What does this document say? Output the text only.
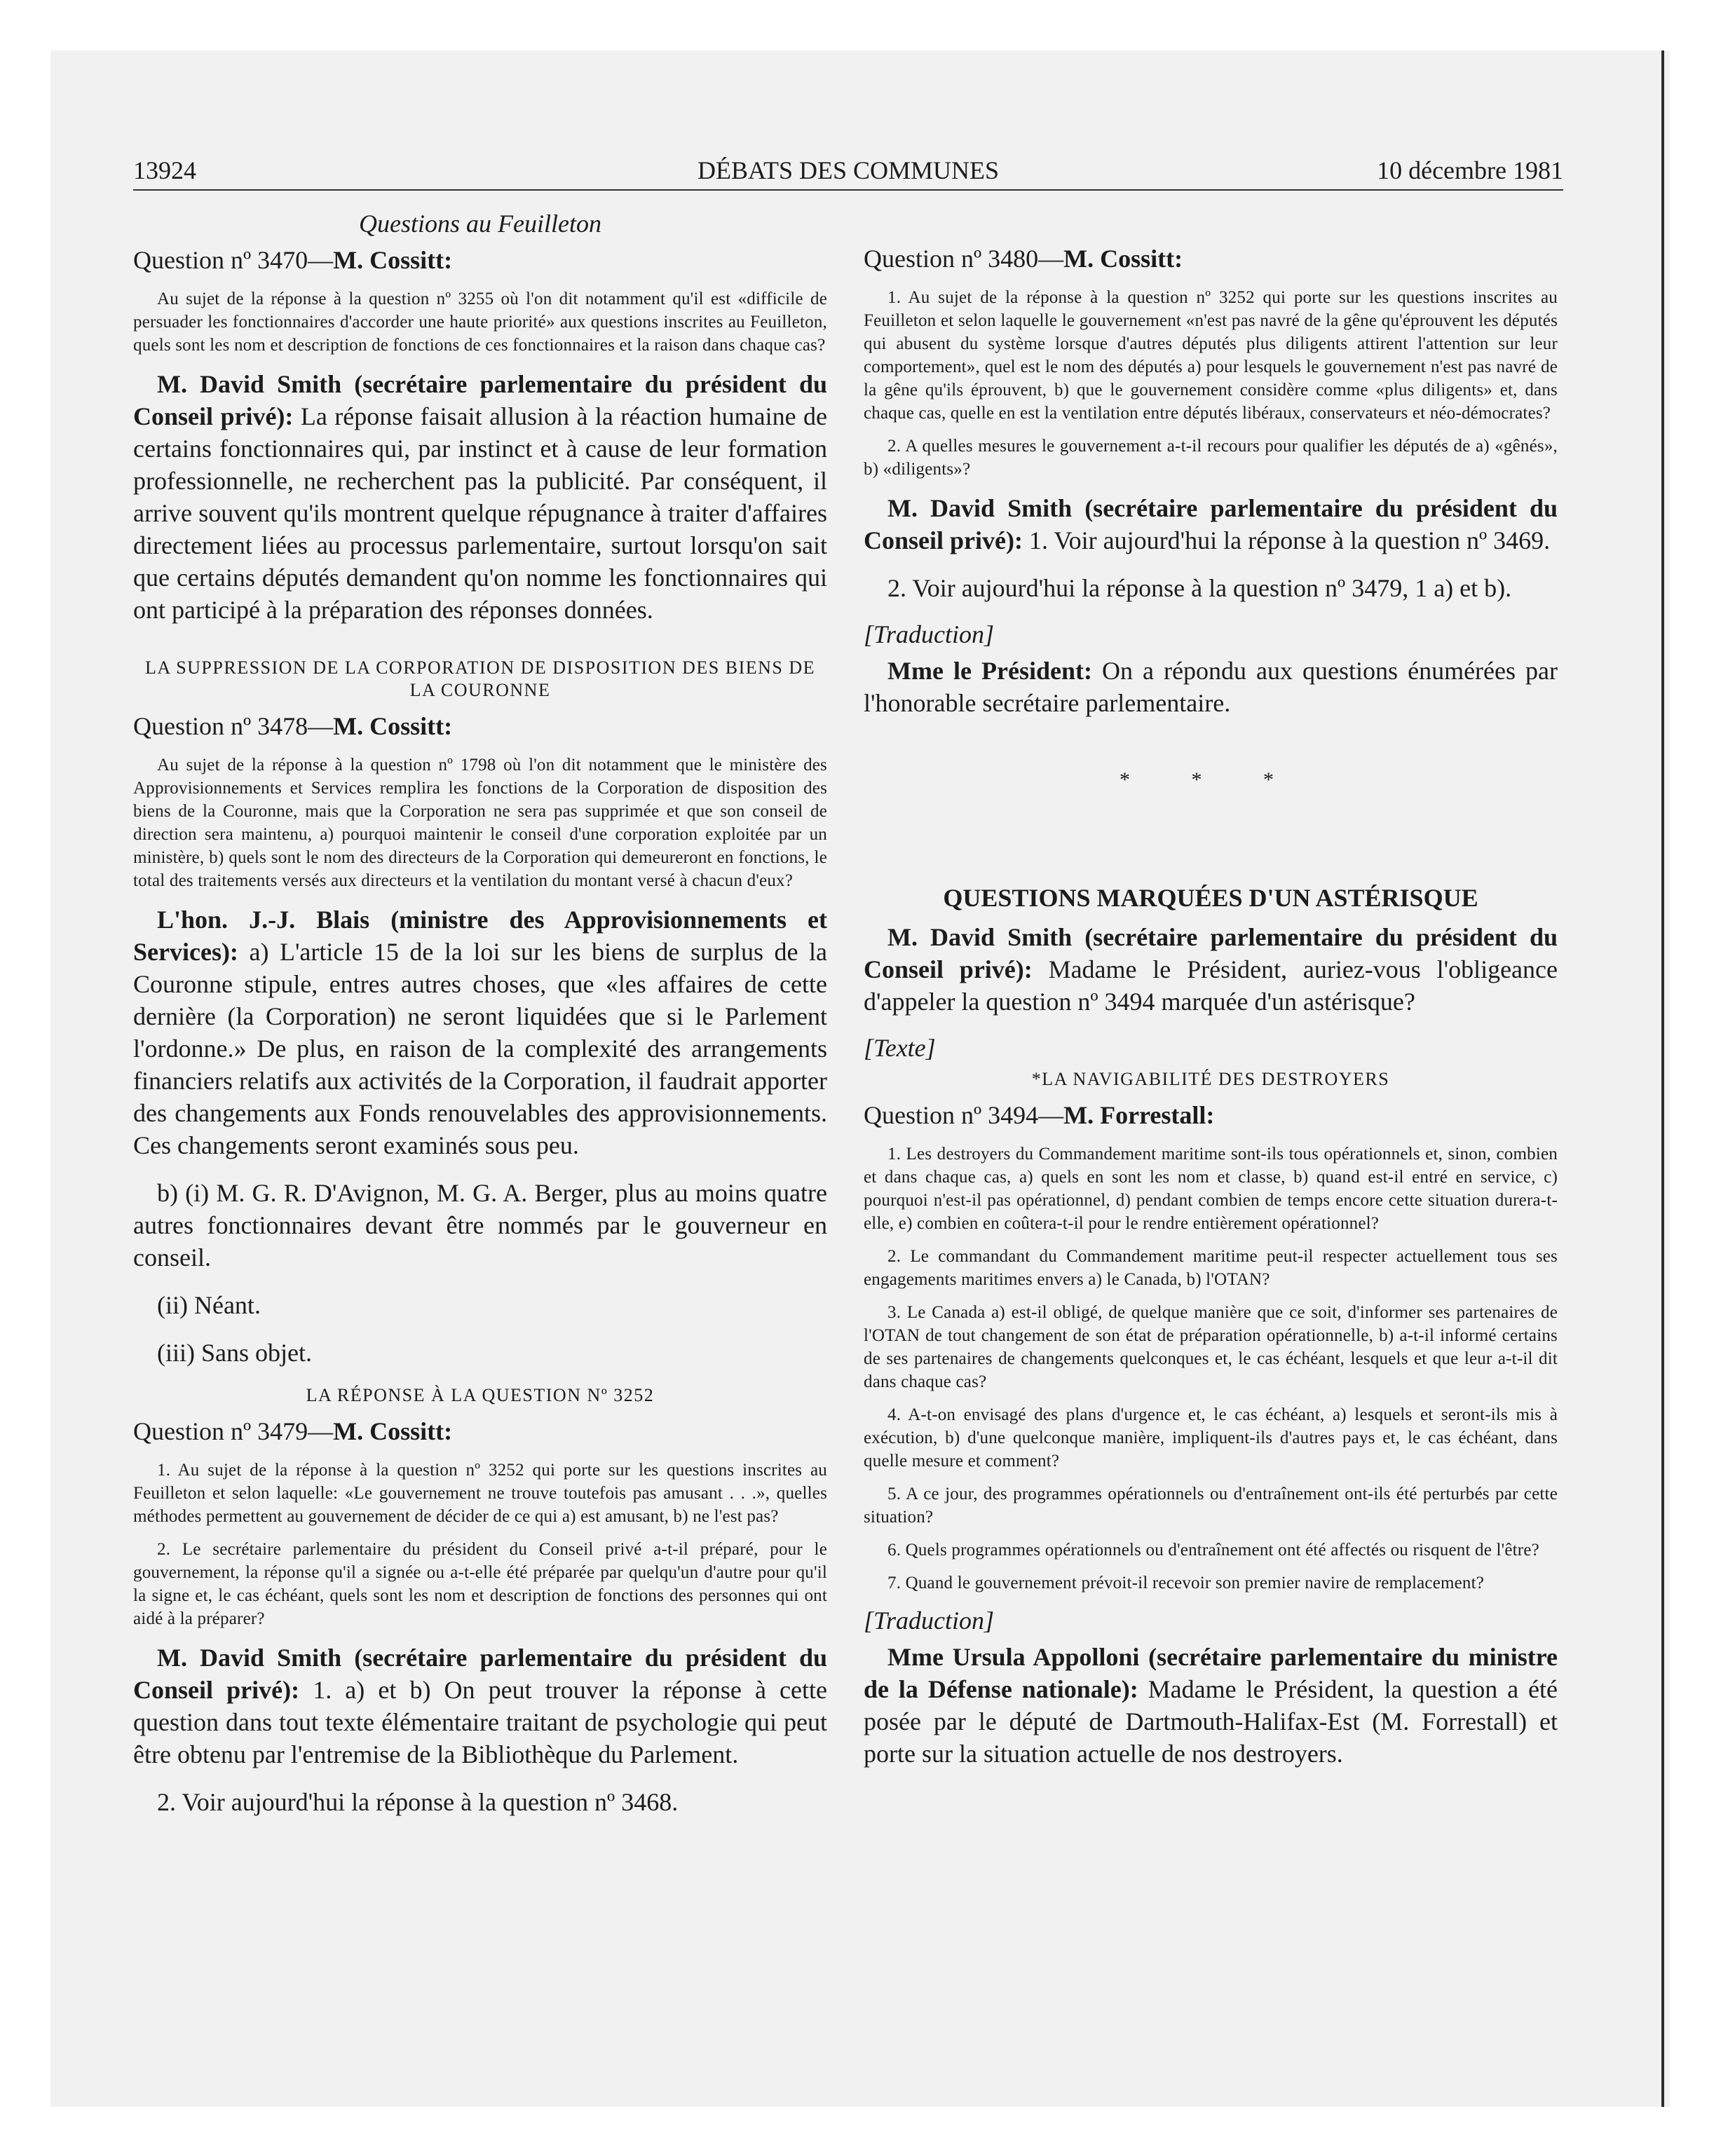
13924	DÉBATS DES COMMUNES	10 décembre 1981
Questions au Feuilleton
Question nº 3470—M. Cossitt:

Au sujet de la réponse à la question nº 3255 où l'on dit notamment qu'il est «difficile de persuader les fonctionnaires d'accorder une haute priorité» aux questions inscrites au Feuilleton, quels sont les nom et description de fonctions de ces fonctionnaires et la raison dans chaque cas?

M. David Smith (secrétaire parlementaire du président du Conseil privé): La réponse faisait allusion à la réaction humaine de certains fonctionnaires qui, par instinct et à cause de leur formation professionnelle, ne recherchent pas la publicité. Par conséquent, il arrive souvent qu'ils montrent quelque répugnance à traiter d'affaires directement liées au processus parlementaire, surtout lorsqu'on sait que certains députés demandent qu'on nomme les fonctionnaires qui ont participé à la préparation des réponses données.
LA SUPPRESSION DE LA CORPORATION DE DISPOSITION DES BIENS DE LA COURONNE
Question nº 3478—M. Cossitt:

Au sujet de la réponse à la question nº 1798 où l'on dit notamment que le ministère des Approvisionnements et Services remplira les fonctions de la Corporation de disposition des biens de la Couronne, mais que la Corporation ne sera pas supprimée et que son conseil de direction sera maintenu, a) pourquoi maintenir le conseil d'une corporation exploitée par un ministère, b) quels sont le nom des directeurs de la Corporation qui demeureront en fonctions, le total des traitements versés aux directeurs et la ventilation du montant versé à chacun d'eux?

L'hon. J.-J. Blais (ministre des Approvisionnements et Services): a) L'article 15 de la loi sur les biens de surplus de la Couronne stipule, entres autres choses, que «les affaires de cette dernière (la Corporation) ne seront liquidées que si le Parlement l'ordonne.» De plus, en raison de la complexité des arrangements financiers relatifs aux activités de la Corporation, il faudrait apporter des changements aux Fonds renouvelables des approvisionnements. Ces changements seront examinés sous peu.
b) (i) M. G. R. D'Avignon, M. G. A. Berger, plus au moins quatre autres fonctionnaires devant être nommés par le gouverneur en conseil.
(ii) Néant.
(iii) Sans objet.
LA RÉPONSE À LA QUESTION Nº 3252
Question nº 3479—M. Cossitt:

1. Au sujet de la réponse à la question nº 3252 qui porte sur les questions inscrites au Feuilleton et selon laquelle: «Le gouvernement ne trouve toutefois pas amusant . . .», quelles méthodes permettent au gouvernement de décider de ce qui a) est amusant, b) ne l'est pas?

2. Le secrétaire parlementaire du président du Conseil privé a-t-il préparé, pour le gouvernement, la réponse qu'il a signée ou a-t-elle été préparée par quelqu'un d'autre pour qu'il la signe et, le cas échéant, quels sont les nom et description de fonctions des personnes qui ont aidé à la préparer?

M. David Smith (secrétaire parlementaire du président du Conseil privé): 1. a) et b) On peut trouver la réponse à cette question dans tout texte élémentaire traitant de psychologie qui peut être obtenu par l'entremise de la Bibliothèque du Parlement.
2. Voir aujourd'hui la réponse à la question nº 3468.
Question nº 3480—M. Cossitt:

1. Au sujet de la réponse à la question nº 3252 qui porte sur les questions inscrites au Feuilleton et selon laquelle le gouvernement «n'est pas navré de la gêne qu'éprouvent les députés qui abusent du système lorsque d'autres députés plus diligents attirent l'attention sur leur comportement», quel est le nom des députés a) pour lesquels le gouvernement n'est pas navré de la gêne qu'ils éprouvent, b) que le gouvernement considère comme «plus diligents» et, dans chaque cas, quelle en est la ventilation entre députés libéraux, conservateurs et néo-démocrates?

2. A quelles mesures le gouvernement a-t-il recours pour qualifier les députés de a) «gênés», b) «diligents»?

M. David Smith (secrétaire parlementaire du président du Conseil privé): 1. Voir aujourd'hui la réponse à la question nº 3469.
2. Voir aujourd'hui la réponse à la question nº 3479, 1 a) et b).
[Traduction]
Mme le Président: On a répondu aux questions énumérées par l'honorable secrétaire parlementaire.
* * *
QUESTIONS MARQUÉES D'UN ASTÉRISQUE
M. David Smith (secrétaire parlementaire du président du Conseil privé): Madame le Président, auriez-vous l'obligeance d'appeler la question nº 3494 marquée d'un astérisque?
[Texte]
*LA NAVIGABILITÉ DES DESTROYERS
Question nº 3494—M. Forrestall:

1. Les destroyers du Commandement maritime sont-ils tous opérationnels et, sinon, combien et dans chaque cas, a) quels en sont les nom et classe, b) quand est-il entré en service, c) pourquoi n'est-il pas opérationnel, d) pendant combien de temps encore cette situation durera-t-elle, e) combien en coûtera-t-il pour le rendre entièrement opérationnel?

2. Le commandant du Commandement maritime peut-il respecter actuellement tous ses engagements maritimes envers a) le Canada, b) l'OTAN?

3. Le Canada a) est-il obligé, de quelque manière que ce soit, d'informer ses partenaires de l'OTAN de tout changement de son état de préparation opérationnelle, b) a-t-il informé certains de ses partenaires de changements quelconques et, le cas échéant, lesquels et que leur a-t-il dit dans chaque cas?

4. A-t-on envisagé des plans d'urgence et, le cas échéant, a) lesquels et seront-ils mis à exécution, b) d'une quelconque manière, impliquent-ils d'autres pays et, le cas échéant, dans quelle mesure et comment?

5. A ce jour, des programmes opérationnels ou d'entraînement ont-ils été perturbés par cette situation?

6. Quels programmes opérationnels ou d'entraînement ont été affectés ou risquent de l'être?

7. Quand le gouvernement prévoit-il recevoir son premier navire de remplacement?

[Traduction]
Mme Ursula Appolloni (secrétaire parlementaire du ministre de la Défense nationale): Madame le Président, la question a été posée par le député de Dartmouth-Halifax-Est (M. Forrestall) et porte sur la situation actuelle de nos destroyers.
